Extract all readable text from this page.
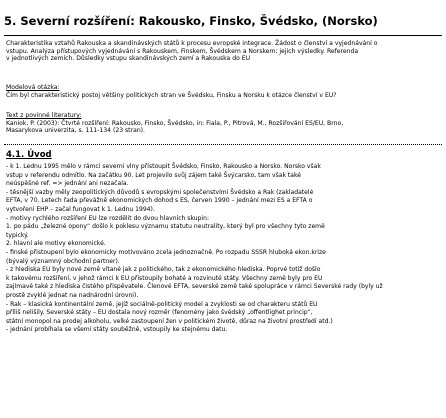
5. Severní rozšíření: Rakousko, Finsko, Švédsko, (Norsko)

Charakteristika vztahů Rakouska a skandinávských států k procesu evropské integrace. Žádost o členství a vyjednávání o

vstupu. Analýza přístupových vyjednávání s Rakouskem, Finskem, Švédskem a Norskem; jejich výsledky. Referenda

v jednotlivých zemích. Důsledky vstupu skandinávských zemí a Rakouska do EU

Modelová otázka:

Čím byl charakteristický postoj většiny politických stran ve Švédsku, Finsku a Norsku k otázce členství v EU?

Text z povinné literatury:

Kaniok, P. (2003): Čtvrté rozšíření: Rakousko, Finsko, Švédsko, in: Fiala, P., Pitrová, M., Rozšiřování ES/EU, Brno,

Masarykova univerzita, s. 111-134 (23 stran).

4.1. Úvod

- k 1. Lednu 1995 mělo v rámci severní vlny přistoupit Švédsko, Finsko, Rakousko a Norsko. Norsko však

vstup v referendu odmítlo. Na začátku 90. Let projevilo svůj zájem také Švýcarsko, tam však také

neúspěšné ref. => jednání ani nezačala.

- těsnější vazby měly zeopolitických důvodů s evropskými společenstvími Švédsko a Rak (zakladatelé

EFTA, v 70. Letech řada převážně ekonomických dohod s ES, červen 1990 – jednání mezi ES a EFTA o

vytvoření EHP – začal fungovat k 1. Lednu 1994).

- motivy rychlého rozšíření EU lze rozdělit do dvou hlavních skupin:

1. po pádu „železné opony“ došlo k poklesu významu statutu neutrality, který byl pro všechny tyto země

typický.

2. hlavní ale motivy ekonomické.

- finské přistoupení bylo ekonomicky motivováno zcela jednoznačně. Po rozpadu SSSR hluboká ekon.krize

(bývalý významný obchodní partner).

- z hlediska EU byly nové země vítané jak z politického, tak z ekonomického hlediska. Poprvé totiž došlo

k takovému rozšíření, v jehož rámci k EU přistoupily bohaté a rozvinuté státy. Všechny země byly pro EU

zajímavé také z hlediska čistého přispěvatele. Členové EFTA, severské země také spolupráce v rámci Severské rady (byly už

prostě zvyklé jednat na nadnárodní úrovni).

- Rak – klasická kontinentální země, jejíž sociálně-politický model a zvyklosti se od charakteru států EU

příliš nelišily. Severské státy – EU dostala nový rozměr (fenomény jako švédský „offentlighet princip“,

státní monopol na prodej alkoholu, velké zastoupení žen v politickém životě, důraz na životní prostředí atd.)

- jednání probíhala se všemi státy souběžně, vstoupily ke stejnému datu.
